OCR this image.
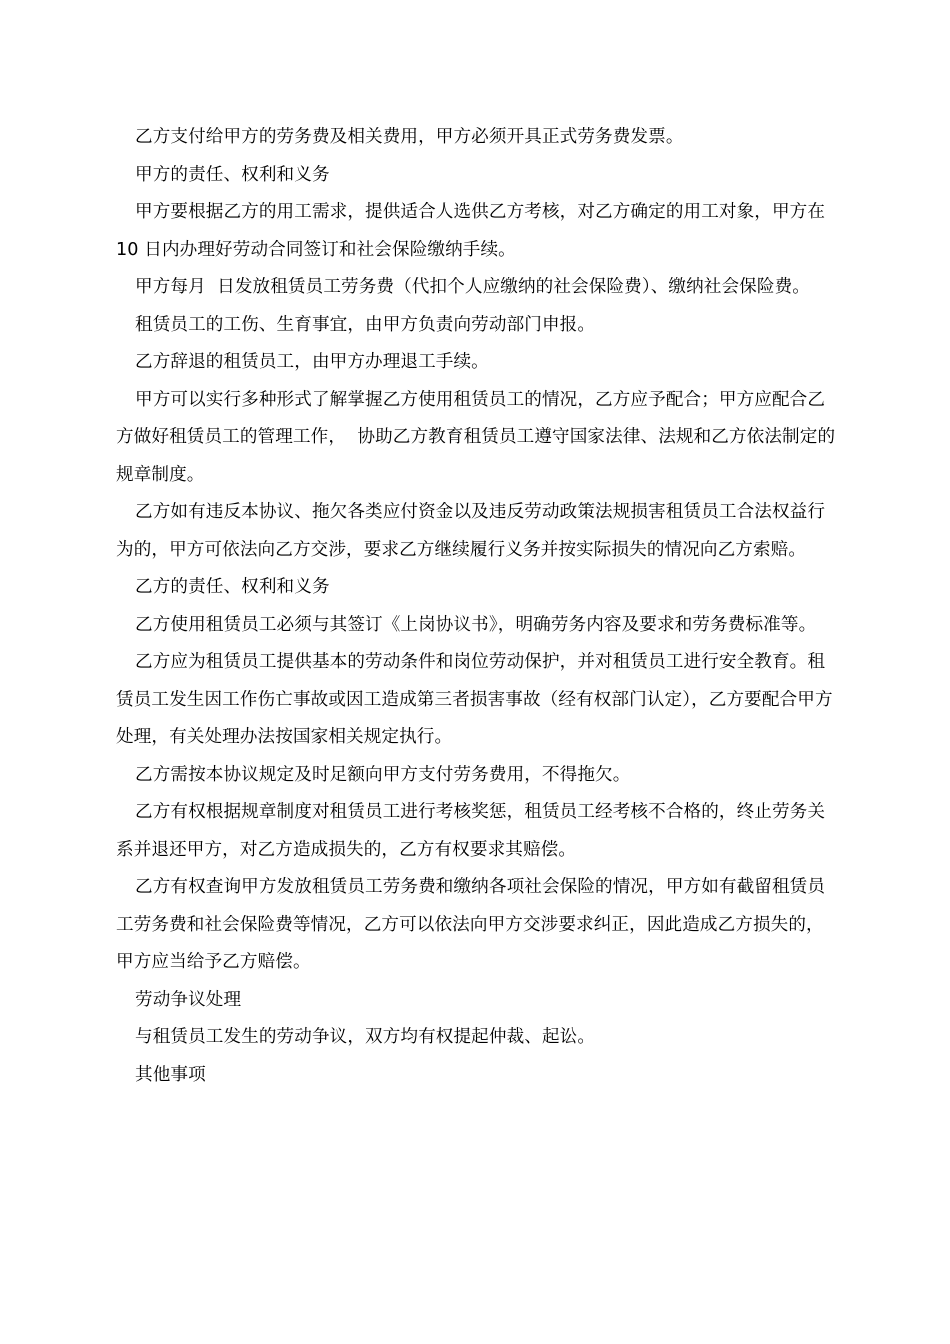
乙方支付给甲方的劳务费及相关费用，甲方必须开具正式劳务费发票。

甲方的责任、权利和义务

甲方要根据乙方的用工需求，提供适合人选供乙方考核，对乙方确定的用工对象，甲方在 10 日内办理好劳动合同签订和社会保险缴纳手续。

甲方每月  日发放租赁员工劳务费（代扣个人应缴纳的社会保险费）、缴纳社会保险费。

租赁员工的工伤、生育事宜，由甲方负责向劳动部门申报。

乙方辞退的租赁员工，由甲方办理退工手续。

甲方可以实行多种形式了解掌握乙方使用租赁员工的情况，乙方应予配合；甲方应配合乙方做好租赁员工的管理工作，  协助乙方教育租赁员工遵守国家法律、法规和乙方依法制定的规章制度。

乙方如有违反本协议、拖欠各类应付资金以及违反劳动政策法规损害租赁员工合法权益行为的，甲方可依法向乙方交涉，要求乙方继续履行义务并按实际损失的情况向乙方索赔。

乙方的责任、权利和义务

乙方使用租赁员工必须与其签订《上岗协议书》，明确劳务内容及要求和劳务费标准等。

乙方应为租赁员工提供基本的劳动条件和岗位劳动保护，并对租赁员工进行安全教育。租赁员工发生因工作伤亡事故或因工造成第三者损害事故（经有权部门认定），乙方要配合甲方处理，有关处理办法按国家相关规定执行。

乙方需按本协议规定及时足额向甲方支付劳务费用，不得拖欠。

乙方有权根据规章制度对租赁员工进行考核奖惩，租赁员工经考核不合格的，终止劳务关系并退还甲方，对乙方造成损失的，乙方有权要求其赔偿。

乙方有权查询甲方发放租赁员工劳务费和缴纳各项社会保险的情况，甲方如有截留租赁员工劳务费和社会保险费等情况，乙方可以依法向甲方交涉要求纠正，因此造成乙方损失的，甲方应当给予乙方赔偿。

劳动争议处理

与租赁员工发生的劳动争议，双方均有权提起仲裁、起讼。

其他事项
